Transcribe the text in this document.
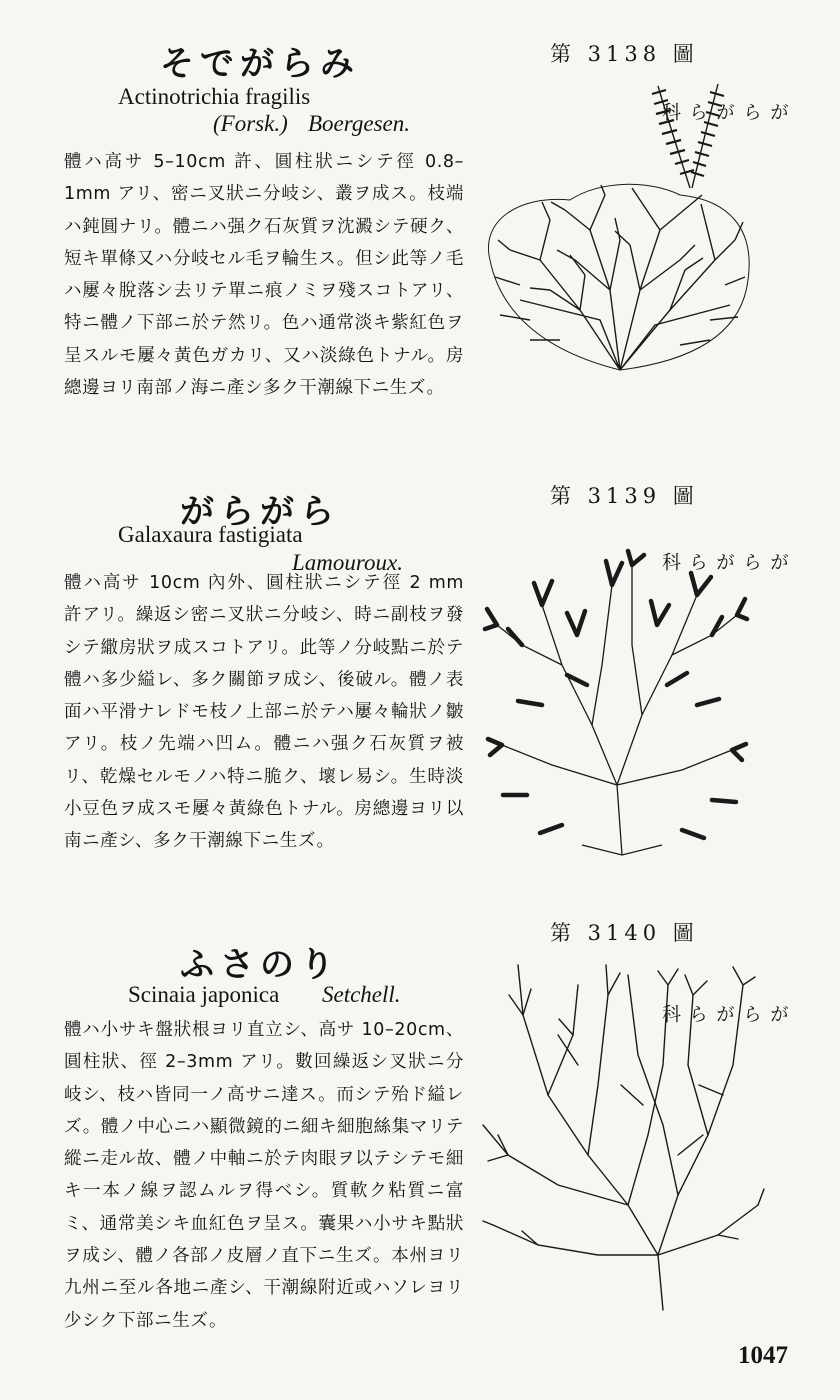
そでがらみ
Actinotrichia fragilis
(Forsk.) Boergesen.
第 3138 圖
がらがら科

體ハ高サ 5–10cm 許、圓柱狀ニシテ徑 0.8–1mm アリ、密ニ叉狀ニ分岐シ、叢ヲ成ス。枝端ハ鈍圓ナリ。體ニハ强ク石灰質ヲ沈澱シテ硬ク、短キ單條又ハ分岐セル毛ヲ輪生ス。但シ此等ノ毛ハ屢々脫落シ去リテ單ニ痕ノミヲ殘スコトアリ、特ニ體ノ下部ニ於テ然リ。色ハ通常淡キ紫紅色ヲ呈スルモ屢々黃色ガカリ、又ハ淡綠色トナル。房總邊ヨリ南部ノ海ニ產シ多ク干潮線下ニ生ズ。

がらがら
Galaxaura fastigiata
Lamouroux.
第 3139 圖
がらがら科

體ハ高サ 10cm 內外、圓柱狀ニシテ徑 2 mm 許アリ。繰返シ密ニ叉狀ニ分岐シ、時ニ副枝ヲ發シテ繖房狀ヲ成スコトアリ。此等ノ分岐點ニ於テ體ハ多少縊レ、多ク關節ヲ成シ、後破ル。體ノ表面ハ平滑ナレドモ枝ノ上部ニ於テハ屢々輪狀ノ皺アリ。枝ノ先端ハ凹ム。體ニハ强ク石灰質ヲ被リ、乾燥セルモノハ特ニ脆ク、壞レ易シ。生時淡小豆色ヲ成スモ屢々黃綠色トナル。房總邊ヨリ以南ニ產シ、多ク干潮線下ニ生ズ。

ふさのり
Scinaia japonica Setchell.
第 3140 圖
がらがら科

體ハ小サキ盤狀根ヨリ直立シ、高サ 10–20cm、圓柱狀、徑 2–3mm アリ。數回繰返シ叉狀ニ分岐シ、枝ハ皆同一ノ高サニ達ス。而シテ殆ド縊レズ。體ノ中心ニハ顯微鏡的ニ細キ細胞絲集マリテ縱ニ走ル故、體ノ中軸ニ於テ肉眼ヲ以テシテモ細キ一本ノ線ヲ認ムルヲ得ベシ。質軟ク粘質ニ富ミ、通常美シキ血紅色ヲ呈ス。囊果ハ小サキ點狀ヲ成シ、體ノ各部ノ皮層ノ直下ニ生ズ。本州ヨリ九州ニ至ル各地ニ產シ、干潮線附近或ハソレヨリ少シク下部ニ生ズ。

1047
